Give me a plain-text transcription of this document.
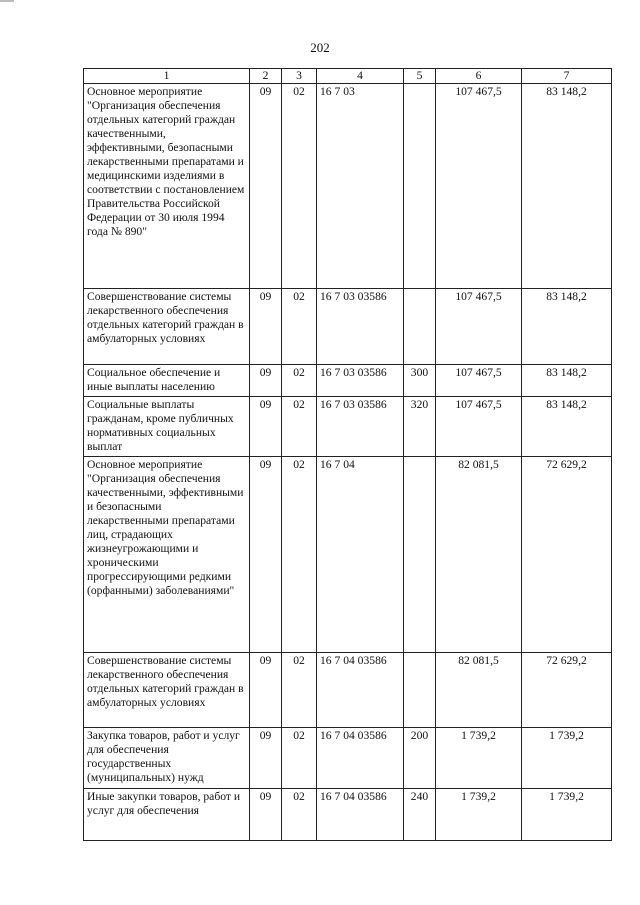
202
1	2	3	4	5	6	7
Основное мероприятие "Организация обеспечения отдельных категорий граждан качественными, эффективными, безопасными лекарственными препаратами и медицинскими изделиями в соответствии с постановлением Правительства Российской Федерации от 30 июля 1994 года № 890"	09	02	16 7 03		107 467,5	83 148,2
Совершенствование системы лекарственного обеспечения отдельных категорий граждан в амбулаторных условиях	09	02	16 7 03 03586		107 467,5	83 148,2
Социальное обеспечение и иные выплаты населению	09	02	16 7 03 03586	300	107 467,5	83 148,2
Социальные выплаты гражданам, кроме публичных нормативных социальных выплат	09	02	16 7 03 03586	320	107 467,5	83 148,2
Основное мероприятие "Организация обеспечения качественными, эффективными и безопасными лекарственными препаратами лиц, страдающих жизнеугрожающими и хроническими прогрессирующими редкими (орфанными) заболеваниями"	09	02	16 7 04		82 081,5	72 629,2
Совершенствование системы лекарственного обеспечения отдельных категорий граждан в амбулаторных условиях	09	02	16 7 04 03586		82 081,5	72 629,2
Закупка товаров, работ и услуг для обеспечения государственных (муниципальных) нужд	09	02	16 7 04 03586	200	1 739,2	1 739,2
Иные закупки товаров, работ и услуг для обеспечения	09	02	16 7 04 03586	240	1 739,2	1 739,2
